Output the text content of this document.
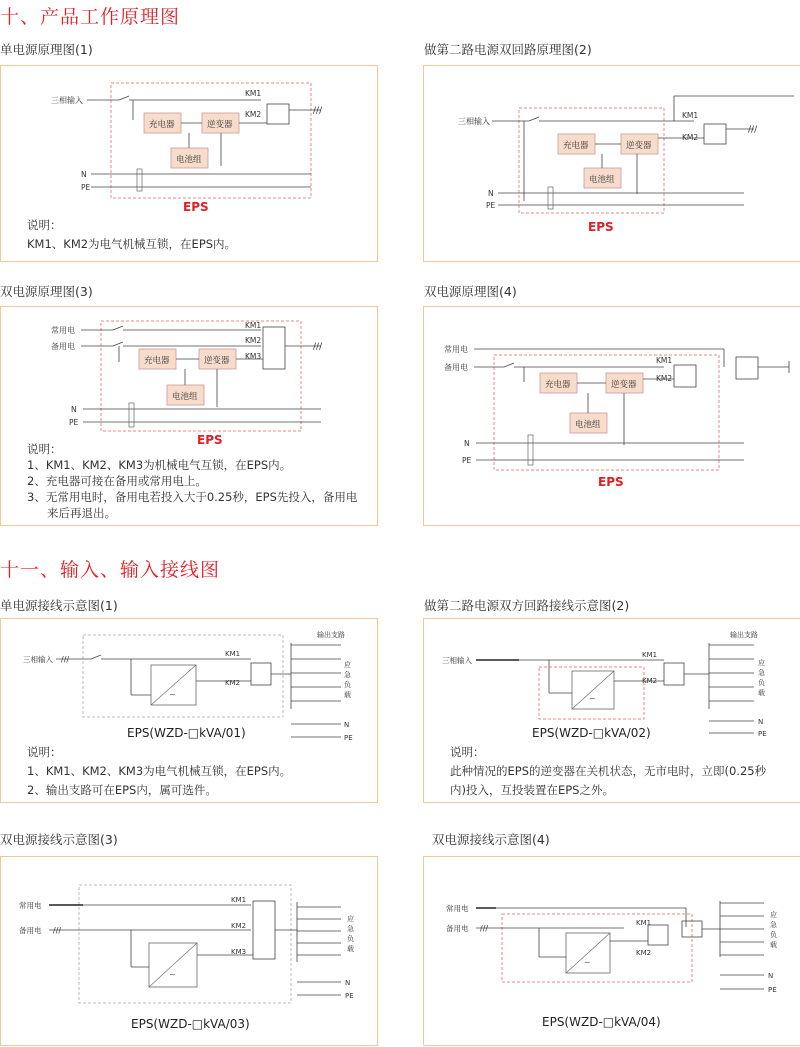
十、产品工作原理图
单电源原理图(1)	做第二路电源双回路原理图(2)
三相输入
KM1
KM2	///
充电器	逆变器
电池组
N
PE
EPS
说明：
KM1、KM2为电气机械互锁，在EPS内。
三相输入
KM1
KM2
///
充电器	逆变器
电池组
N
PE
EPS
双电源原理图(3)	双电源原理图(4)
常用电
备用电
KM1
KM2
KM3
///
充电器	逆变器
电池组
N
PE
EPS
说明：
1、KM1、KM2、KM3为机械电气互锁，在EPS内。
2、充电器可接在备用或常用电上。
3、无常用电时，备用电若投入大于0.25秒，EPS先投入，备用电
来后再退出。
常用电
备用电
KM1
KM2
充电器	逆变器
电池组
N
PE
EPS
十一、输入、输入接线图
单电源接线示意图(1)	做第二路电源双方回路接线示意图(2)
三相输入 ///
KM1
KM2
~
输出支路
应
急
负
载
N
PE
EPS(WZD-□kVA/01)
说明：
1、KM1、KM2、KM3为电气机械互锁，在EPS内。
2、输出支路可在EPS内，属可选件。
三相输入
KM1
KM2
~
输出支路
应
急
负
载
N
PE
EPS(WZD-□kVA/02)
说明：
此种情况的EPS的逆变器在关机状态，无市电时，立即(0.25秒
内)投入，互投装置在EPS之外。
双电源接线示意图(3)	双电源接线示意图(4)
常用电
备用电 ///
KM1
KM2
KM3
~
应
急
负
载
N
PE
EPS(WZD-□kVA/03)
常用电
备用电 ///
KM1
KM2
~
应
急
负
载
N
PE
EPS(WZD-□kVA/04)
